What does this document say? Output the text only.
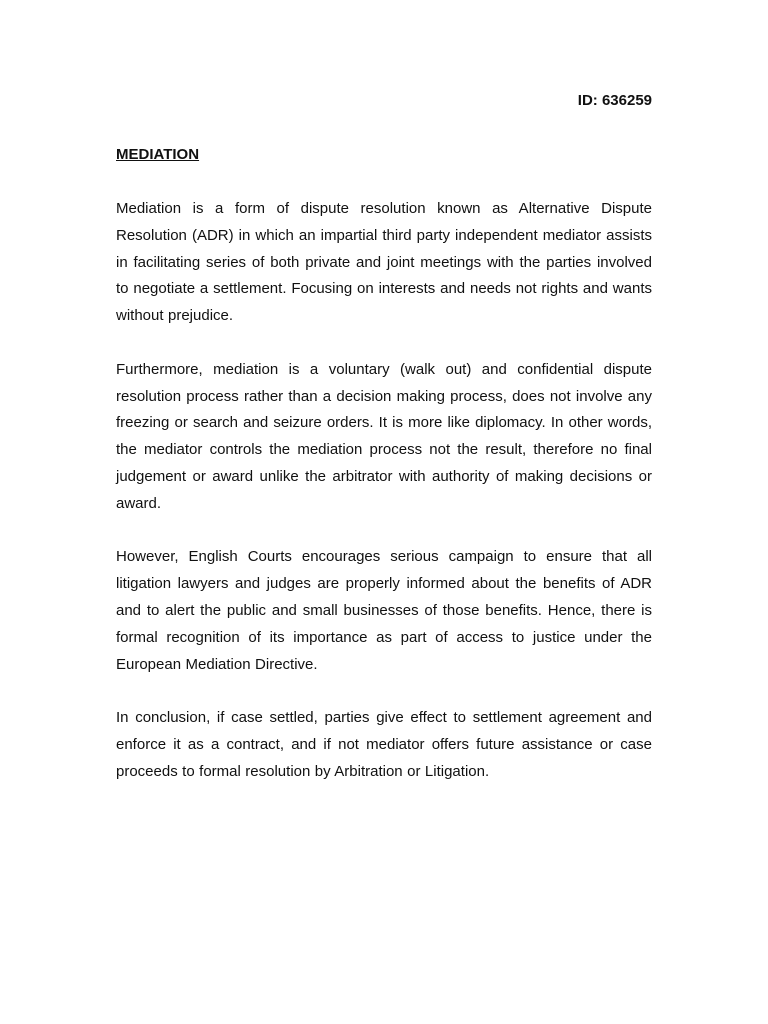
ID: 636259
MEDIATION

Mediation is a form of dispute resolution known as Alternative Dispute Resolution (ADR) in which an impartial third party independent mediator assists in facilitating series of both private and joint meetings with the parties involved to negotiate a settlement. Focusing on interests and needs not rights and wants without prejudice.

Furthermore, mediation is a voluntary (walk out) and confidential dispute resolution process rather than a decision making process, does not involve any freezing or search and seizure orders. It is more like diplomacy. In other words, the mediator controls the mediation process not the result, therefore no final judgement or award unlike the arbitrator with authority of making decisions or award.

However, English Courts encourages serious campaign to ensure that all litigation lawyers and judges are properly informed about the benefits of ADR and to alert the public and small businesses of those benefits. Hence, there is formal recognition of its importance as part of access to justice under the European Mediation Directive.

In conclusion, if case settled, parties give effect to settlement agreement and enforce it as a contract, and if not mediator offers future assistance or case proceeds to formal resolution by Arbitration or Litigation.
